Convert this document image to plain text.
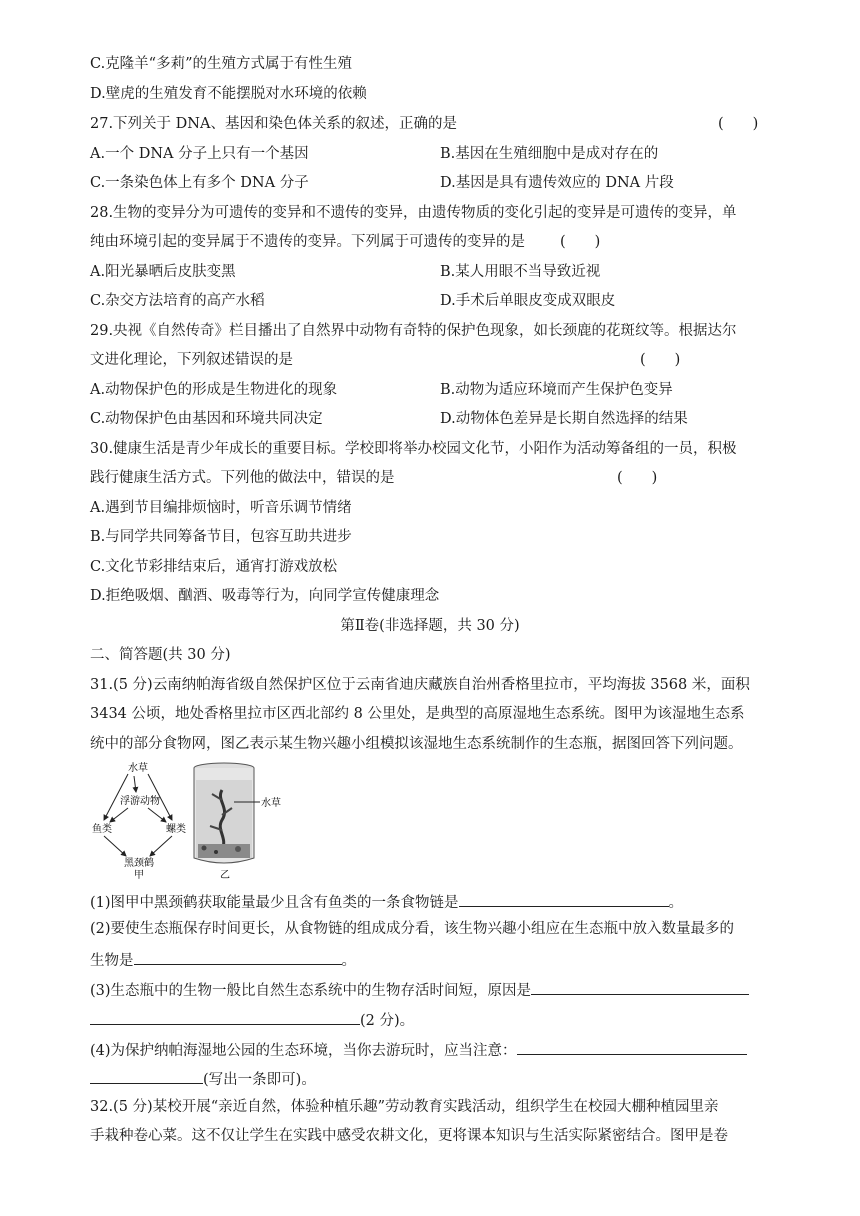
C.克隆羊“多莉”的生殖方式属于有性生殖
D.壁虎的生殖发育不能摆脱对水环境的依赖
27.下列关于 DNA、基因和染色体关系的叙述，正确的是	(　　)
A.一个 DNA 分子上只有一个基因	B.基因在生殖细胞中是成对存在的
C.一条染色体上有多个 DNA 分子	D.基因是具有遗传效应的 DNA 片段
28.生物的变异分为可遗传的变异和不遗传的变异，由遗传物质的变化引起的变异是可遗传的变异，单
纯由环境引起的变异属于不遗传的变异。下列属于可遗传的变异的是 (　　)
A.阳光暴晒后皮肤变黑	B.某人用眼不当导致近视
C.杂交方法培育的高产水稻	D.手术后单眼皮变成双眼皮
29.央视《自然传奇》栏目播出了自然界中动物有奇特的保护色现象，如长颈鹿的花斑纹等。根据达尔
文进化理论，下列叙述错误的是	(　　)
A.动物保护色的形成是生物进化的现象	B.动物为适应环境而产生保护色变异
C.动物保护色由基因和环境共同决定	D.动物体色差异是长期自然选择的结果
30.健康生活是青少年成长的重要目标。学校即将举办校园文化节，小阳作为活动筹备组的一员，积极
践行健康生活方式。下列他的做法中，错误的是	(　　)
A.遇到节目编排烦恼时，听音乐调节情绪
B.与同学共同筹备节目，包容互助共进步
C.文化节彩排结束后，通宵打游戏放松
D.拒绝吸烟、酗酒、吸毒等行为，向同学宣传健康理念
第Ⅱ卷(非选择题，共 30 分)
二、简答题(共 30 分)
31.(5 分)云南纳帕海省级自然保护区位于云南省迪庆藏族自治州香格里拉市，平均海拔 3568 米，面积
3434 公顷，地处香格里拉市区西北部约 8 公里处，是典型的高原湿地生态系统。图甲为该湿地生态系
统中的部分食物网，图乙表示某生物兴趣小组模拟该湿地生态系统制作的生态瓶，据图回答下列问题。
水草
浮游动物
鱼类	螺类
黑颈鹤
甲
水草
乙
(1)图甲中黑颈鹤获取能量最少且含有鱼类的一条食物链是	。
(2)要使生态瓶保存时间更长，从食物链的组成成分看，该生物兴趣小组应在生态瓶中放入数量最多的
生物是	。
(3)生态瓶中的生物一般比自然生态系统中的生物存活时间短，原因是
(2 分)。
(4)为保护纳帕海湿地公园的生态环境，当你去游玩时，应当注意：
(写出一条即可)。
32.(5 分)某校开展“亲近自然，体验种植乐趣”劳动教育实践活动，组织学生在校园大棚种植园里亲
手栽种卷心菜。这不仅让学生在实践中感受农耕文化，更将课本知识与生活实际紧密结合。图甲是卷
